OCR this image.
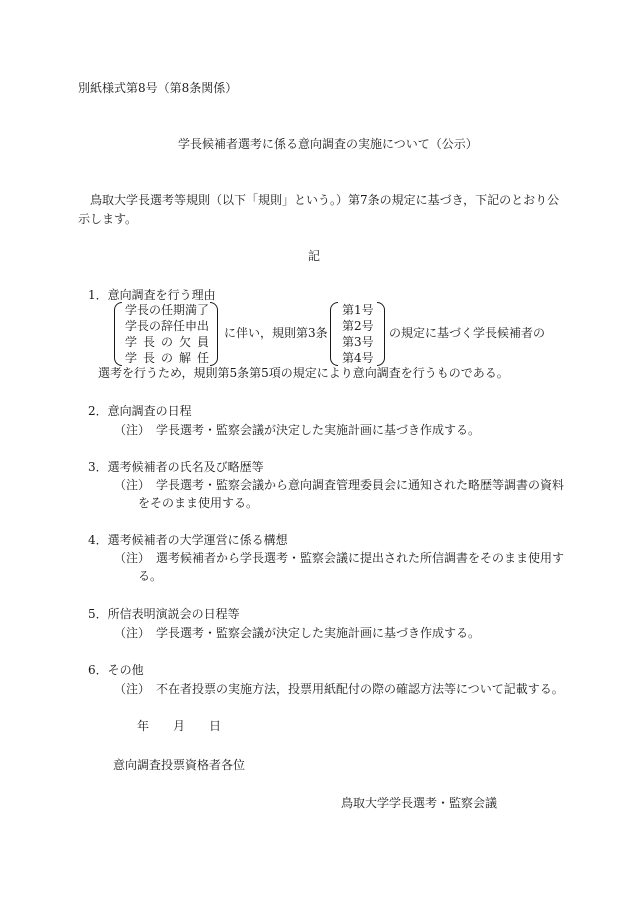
別紙様式第8号（第8条関係）
学長候補者選考に係る意向調査の実施について（公示）
　鳥取大学長選考等規則（以下「規則」という。）第7条の規定に基づき，下記のとおり公
示します。
記
1．意向調査を行う理由
学長の任期満了
学長の辞任申出
学長の欠員
学長の解任
に伴い，規則第3条
第1号
第2号
第3号
第4号
の規定に基づく学長候補者の
選考を行うため，規則第5条第5項の規定により意向調査を行うものである。
2．意向調査の日程
（注）　学長選考・監察会議が決定した実施計画に基づき作成する。
3．選考候補者の氏名及び略歴等
（注）　学長選考・監察会議から意向調査管理委員会に通知された略歴等調書の資料
をそのまま使用する。
4．選考候補者の大学運営に係る構想
（注）　選考候補者から学長選考・監察会議に提出された所信調書をそのまま使用す
る。
5．所信表明演説会の日程等
（注）　学長選考・監察会議が決定した実施計画に基づき作成する。
6．その他
（注）　不在者投票の実施方法，投票用紙配付の際の確認方法等について記載する。
年　　月　　日
意向調査投票資格者各位
鳥取大学学長選考・監察会議
